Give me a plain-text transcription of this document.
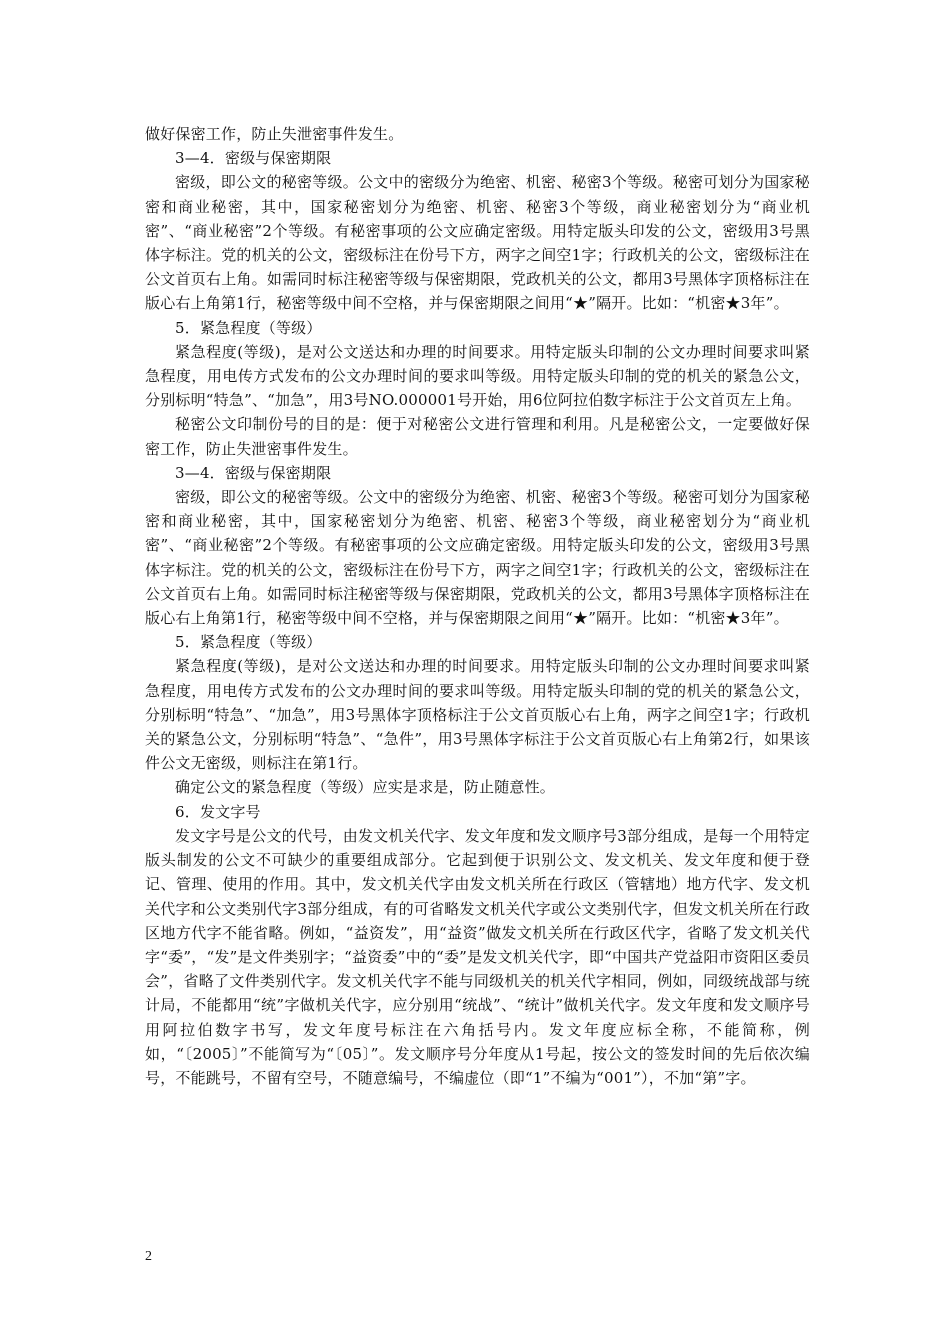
做好保密工作，防止失泄密事件发生。

3—4．密级与保密期限

密级，即公文的秘密等级。公文中的密级分为绝密、机密、秘密3个等级。秘密可划分为国家秘密和商业秘密，其中，国家秘密划分为绝密、机密、秘密3个等级，商业秘密划分为“商业机密”、“商业秘密”2个等级。有秘密事项的公文应确定密级。用特定版头印发的公文，密级用3号黑体字标注。党的机关的公文，密级标注在份号下方，两字之间空1字；行政机关的公文，密级标注在公文首页右上角。如需同时标注秘密等级与保密期限，党政机关的公文，都用3号黑体字顶格标注在版心右上角第1行，秘密等级中间不空格，并与保密期限之间用“★”隔开。比如：“机密★3年”。

5．紧急程度（等级）

紧急程度(等级)，是对公文送达和办理的时间要求。用特定版头印制的公文办理时间要求叫紧急程度，用电传方式发布的公文办理时间的要求叫等级。用特定版头印制的党的机关的紧急公文，分别标明“特急”、“加急”，用3号NO.000001号开始，用6位阿拉伯数字标注于公文首页左上角。

秘密公文印制份号的目的是：便于对秘密公文进行管理和利用。凡是秘密公文，一定要做好保密工作，防止失泄密事件发生。

3—4．密级与保密期限

密级，即公文的秘密等级。公文中的密级分为绝密、机密、秘密3个等级。秘密可划分为国家秘密和商业秘密，其中，国家秘密划分为绝密、机密、秘密3个等级，商业秘密划分为“商业机密”、“商业秘密”2个等级。有秘密事项的公文应确定密级。用特定版头印发的公文，密级用3号黑体字标注。党的机关的公文，密级标注在份号下方，两字之间空1字；行政机关的公文，密级标注在公文首页右上角。如需同时标注秘密等级与保密期限，党政机关的公文，都用3号黑体字顶格标注在版心右上角第1行，秘密等级中间不空格，并与保密期限之间用“★”隔开。比如：“机密★3年”。

5．紧急程度（等级）

紧急程度(等级)，是对公文送达和办理的时间要求。用特定版头印制的公文办理时间要求叫紧急程度，用电传方式发布的公文办理时间的要求叫等级。用特定版头印制的党的机关的紧急公文，分别标明“特急”、“加急”，用3号黑体字顶格标注于公文首页版心右上角，两字之间空1字；行政机关的紧急公文，分别标明“特急”、“急件”，用3号黑体字标注于公文首页版心右上角第2行，如果该件公文无密级，则标注在第1行。

确定公文的紧急程度（等级）应实是求是，防止随意性。

6．发文字号

发文字号是公文的代号，由发文机关代字、发文年度和发文顺序号3部分组成，是每一个用特定版头制发的公文不可缺少的重要组成部分。它起到便于识别公文、发文机关、发文年度和便于登记、管理、使用的作用。其中，发文机关代字由发文机关所在行政区（管辖地）地方代字、发文机关代字和公文类别代字3部分组成，有的可省略发文机关代字或公文类别代字，但发文机关所在行政区地方代字不能省略。例如，“益资发”，用“益资”做发文机关所在行政区代字，省略了发文机关代字“委”，“发”是文件类别字；“益资委”中的“委”是发文机关代字，即“中国共产党益阳市资阳区委员会”，省略了文件类别代字。发文机关代字不能与同级机关的机关代字相同，例如，同级统战部与统计局，不能都用“统”字做机关代字，应分别用“统战”、“统计”做机关代字。发文年度和发文顺序号用阿拉伯数字书写，发文年度号标注在六角括号内。发文年度应标全称，不能简称，例如，“〔2005〕”不能简写为“〔05〕”。发文顺序号分年度从1号起，按公文的签发时间的先后依次编号，不能跳号，不留有空号，不随意编号，不编虚位（即“1”不编为“001”），不加“第”字。

2
